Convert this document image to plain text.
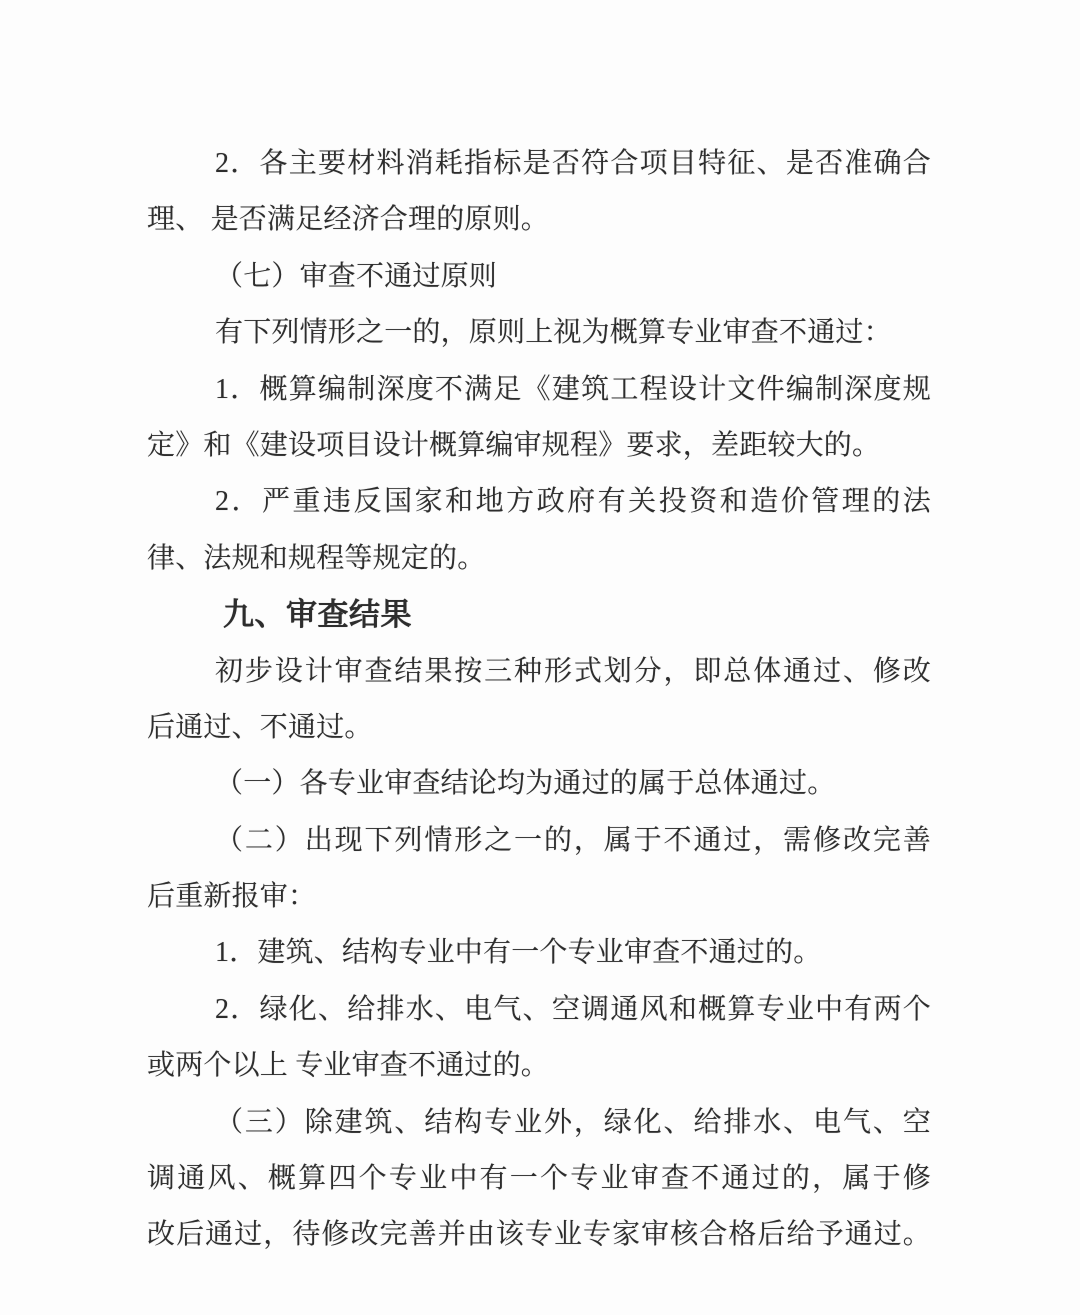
2．各主要材料消耗指标是否符合项目特征、是否准确合
理、 是否满足经济合理的原则。
（七）审查不通过原则
有下列情形之一的，原则上视为概算专业审查不通过：
1．概算编制深度不满足《建筑工程设计文件编制深度规
定》和《建设项目设计概算编审规程》要求，差距较大的。
2．严重违反国家和地方政府有关投资和造价管理的法
律、法规和规程等规定的。
九、审查结果
初步设计审查结果按三种形式划分，即总体通过、修改
后通过、不通过。
（一）各专业审查结论均为通过的属于总体通过。
（二）出现下列情形之一的，属于不通过，需修改完善
后重新报审：
1．建筑、结构专业中有一个专业审查不通过的。
2．绿化、给排水、电气、空调通风和概算专业中有两个
或两个以上 专业审查不通过的。
（三）除建筑、结构专业外，绿化、给排水、电气、空
调通风、概算四个专业中有一个专业审查不通过的，属于修
改后通过，待修改完善并由该专业专家审核合格后给予通过。
